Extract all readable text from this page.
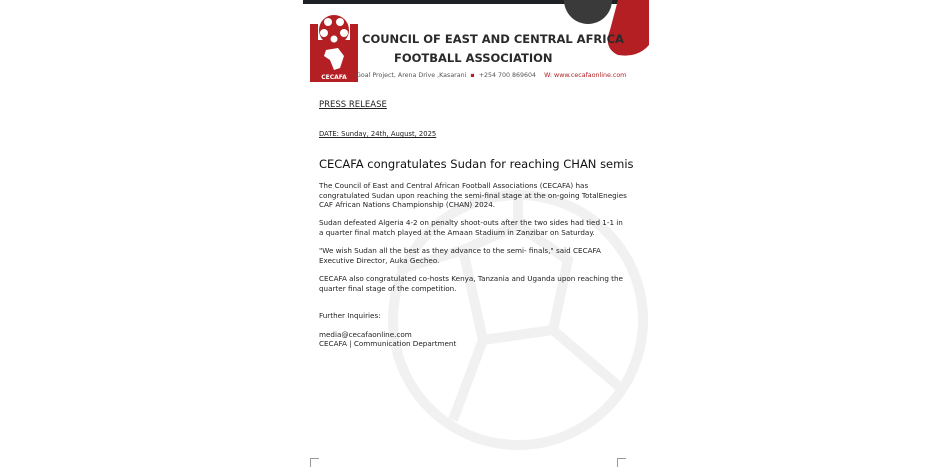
CECAFA
COUNCIL OF EAST AND CENTRAL AFRICA
FOOTBALL ASSOCIATION
Goal Project, Arena Drive ,Kasarani ▪ +254 700 869604 W: www.cecafaonline.com
PRESS RELEASE
DATE: Sunday, 24th, August, 2025
CECAFA congratulates Sudan for reaching CHAN semis
The Council of East and Central African Football Associations (CECAFA) has
congratulated Sudan upon reaching the semi-final stage at the on-going TotalEnegies
CAF African Nations Championship (CHAN) 2024.
Sudan defeated Algeria 4-2 on penalty shoot-outs after the two sides had tied 1-1 in
a quarter final match played at the Amaan Stadium in Zanzibar on Saturday.
"We wish Sudan all the best as they advance to the semi- finals," said CECAFA
Executive Director, Auka Gecheo.
CECAFA also congratulated co-hosts Kenya, Tanzania and Uganda upon reaching the
quarter final stage of the competition.
Further Inquiries:
media@cecafaonline.com
CECAFA | Communication Department
